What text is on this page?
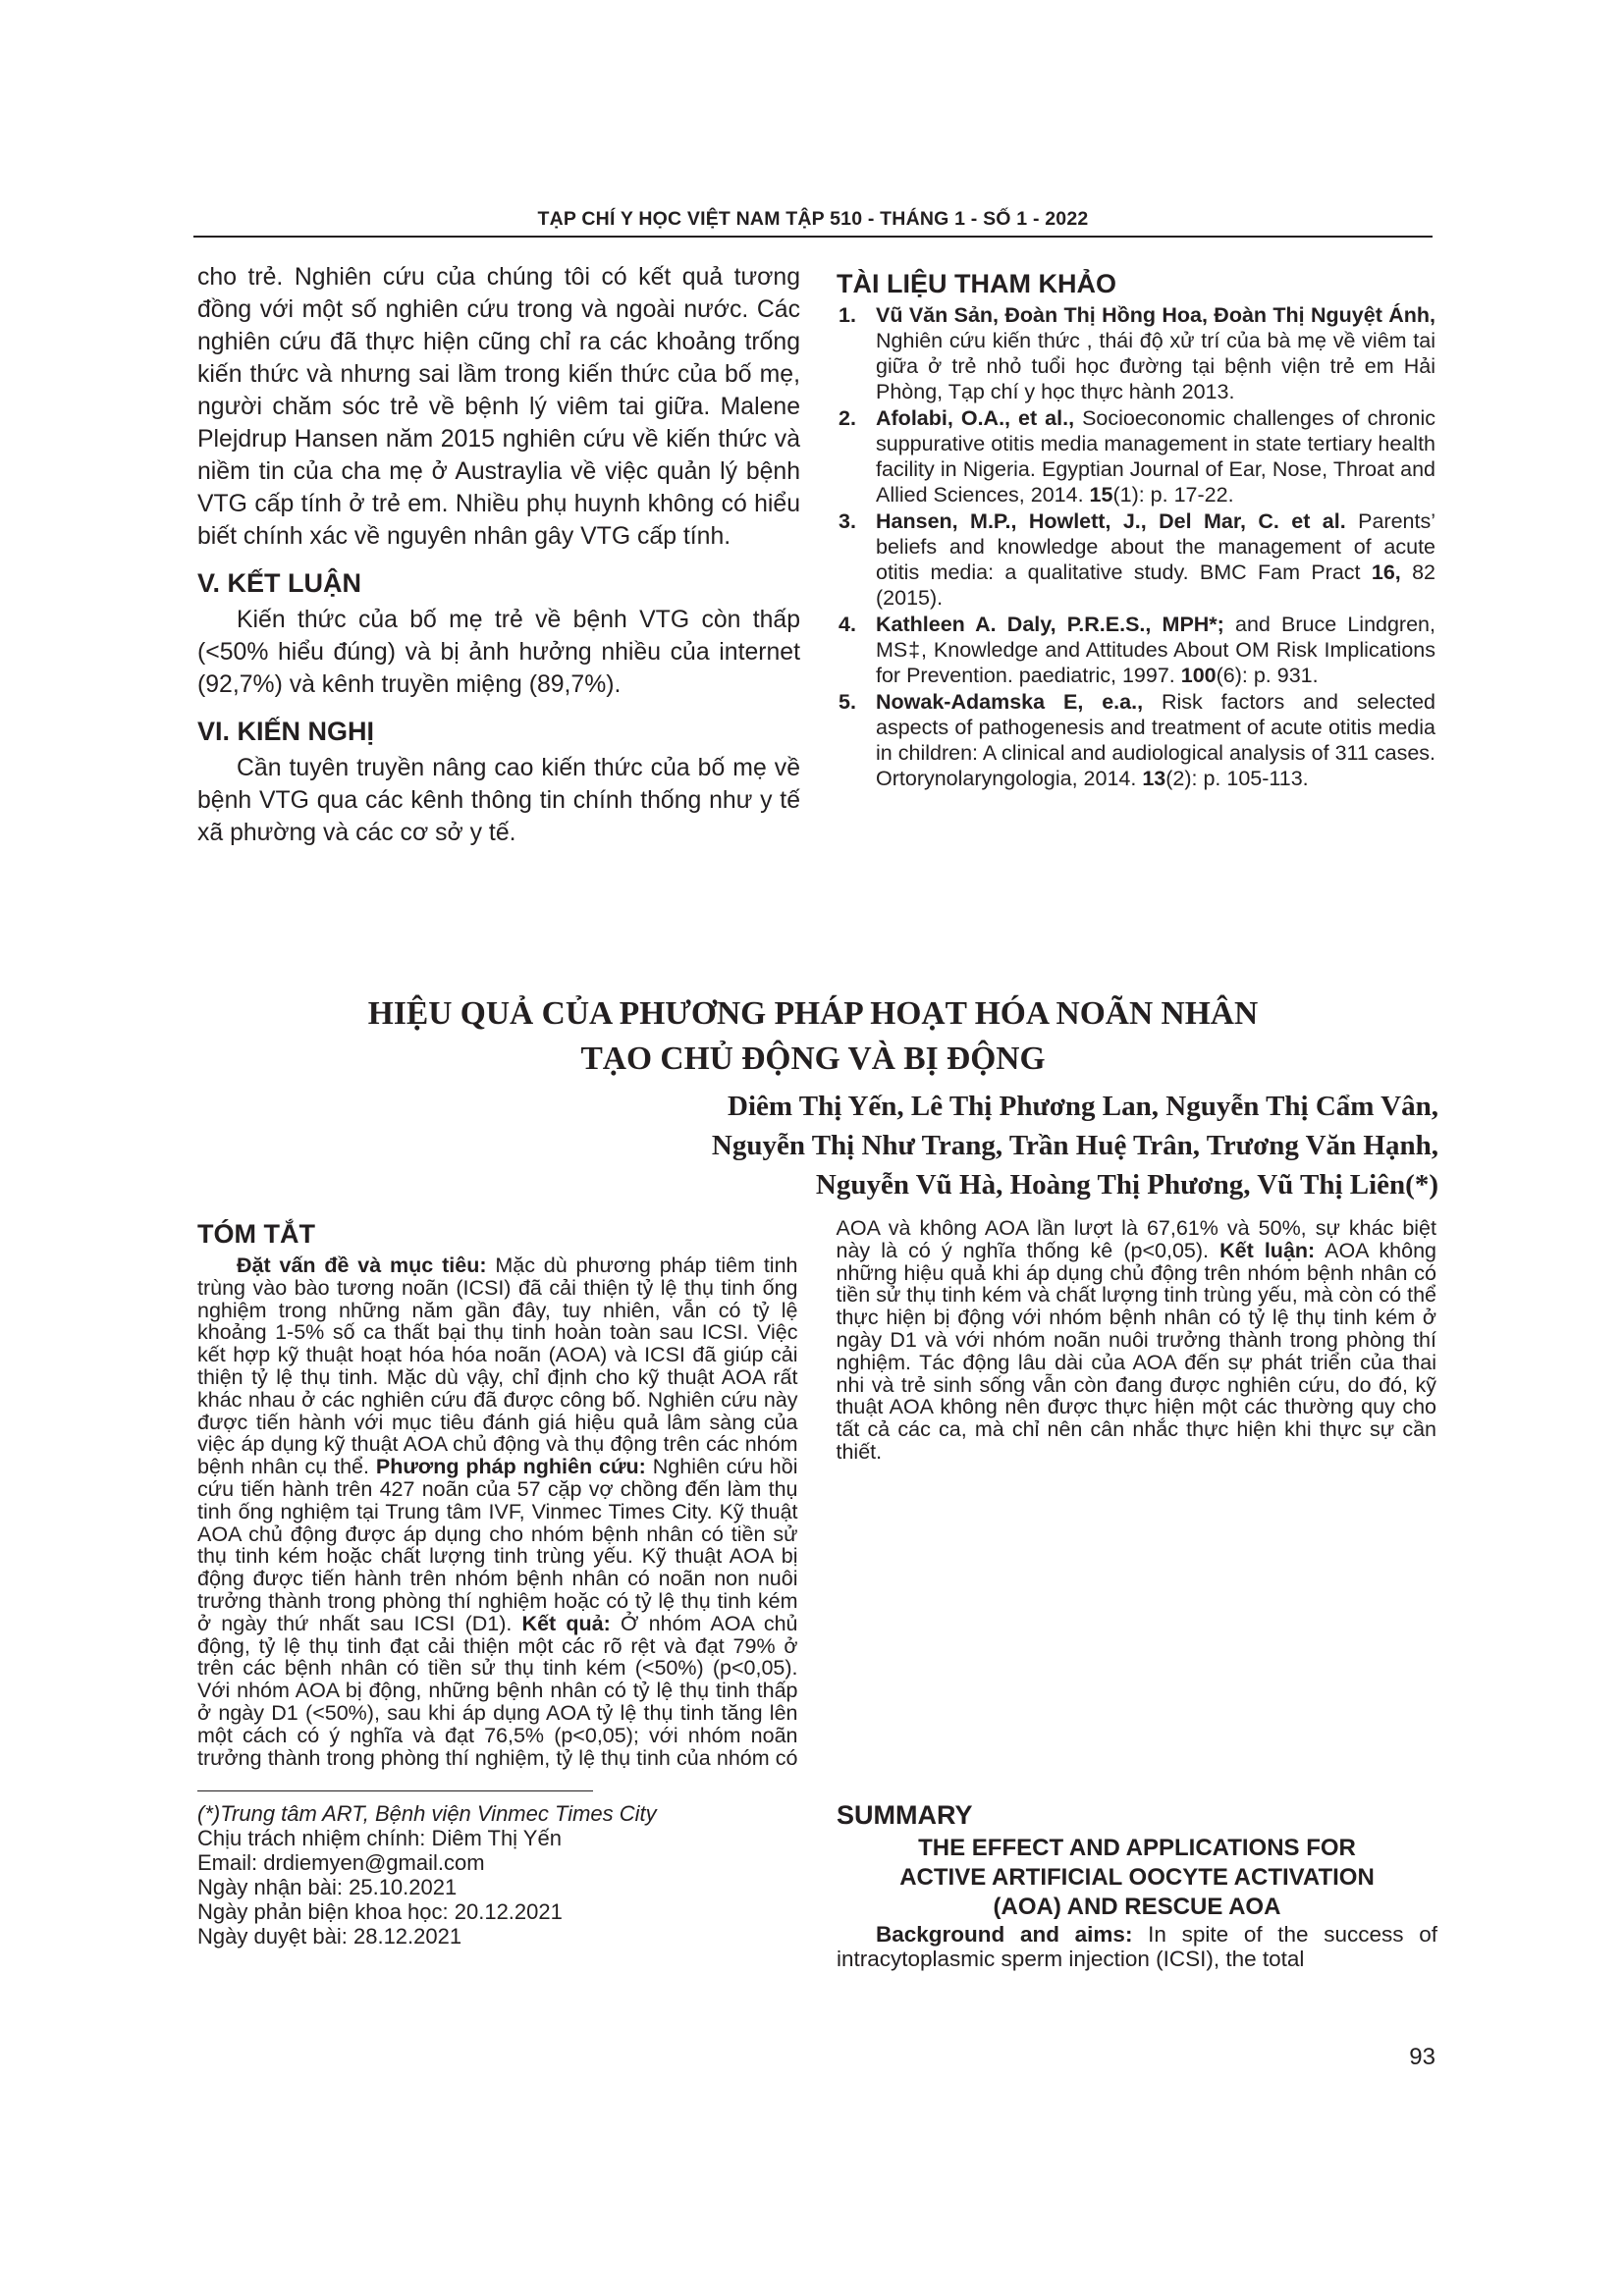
TẠP CHÍ Y HỌC VIỆT NAM TẬP 510 - THÁNG 1 - SỐ 1 - 2022
cho trẻ. Nghiên cứu của chúng tôi có kết quả tương đồng với một số nghiên cứu trong và ngoài nước. Các nghiên cứu đã thực hiện cũng chỉ ra các khoảng trống kiến thức và nhưng sai lầm trong kiến thức của bố mẹ, người chăm sóc trẻ về bệnh lý viêm tai giữa. Malene Plejdrup Hansen năm 2015 nghiên cứu về kiến thức và niềm tin của cha mẹ ở Austraylia về việc quản lý bệnh VTG cấp tính ở trẻ em. Nhiều phụ huynh không có hiểu biết chính xác về nguyên nhân gây VTG cấp tính.
V. KẾT LUẬN
Kiến thức của bố mẹ trẻ về bệnh VTG còn thấp (<50% hiểu đúng) và bị ảnh hưởng nhiều của internet (92,7%) và kênh truyền miệng (89,7%).
VI. KIẾN NGHỊ
Cần tuyên truyền nâng cao kiến thức của bố mẹ về bệnh VTG qua các kênh thông tin chính thống như y tế xã phường và các cơ sở y tế.
TÀI LIỆU THAM KHẢO
1. Vũ Văn Sản, Đoàn Thị Hồng Hoa, Đoàn Thị Nguyệt Ánh, Nghiên cứu kiến thức , thái độ xử trí của bà mẹ về viêm tai giữa ở trẻ nhỏ tuổi học đường tại bệnh viện trẻ em Hải Phòng, Tạp chí y học thực hành 2013.
2. Afolabi, O.A., et al., Socioeconomic challenges of chronic suppurative otitis media management in state tertiary health facility in Nigeria. Egyptian Journal of Ear, Nose, Throat and Allied Sciences, 2014. 15(1): p. 17-22.
3. Hansen, M.P., Howlett, J., Del Mar, C. et al. Parents’ beliefs and knowledge about the management of acute otitis media: a qualitative study. BMC Fam Pract 16, 82 (2015).
4. Kathleen A. Daly, P.R.E.S., MPH*; and Bruce Lindgren, MS‡, Knowledge and Attitudes About OM Risk Implications for Prevention. paediatric, 1997. 100(6): p. 931.
5. Nowak-Adamska E, e.a., Risk factors and selected aspects of pathogenesis and treatment of acute otitis media in children: A clinical and audiological analysis of 311 cases. Ortorynolaryngologia, 2014. 13(2): p. 105-113.
HIỆU QUẢ CỦA PHƯƠNG PHÁP HOẠT HÓA NOÃN NHÂN
TẠO CHỦ ĐỘNG VÀ BỊ ĐỘNG
Diêm Thị Yến, Lê Thị Phương Lan, Nguyễn Thị Cẩm Vân,
Nguyễn Thị Như Trang, Trần Huệ Trân, Trương Văn Hạnh,
Nguyễn Vũ Hà, Hoàng Thị Phương, Vũ Thị Liên(*)
TÓM TẮT
Đặt vấn đề và mục tiêu: Mặc dù phương pháp tiêm tinh trùng vào bào tương noãn (ICSI) đã cải thiện tỷ lệ thụ tinh ống nghiệm trong những năm gần đây, tuy nhiên, vẫn có tỷ lệ khoảng 1-5% số ca thất bại thụ tinh hoàn toàn sau ICSI. Việc kết hợp kỹ thuật hoạt hóa hóa noãn (AOA) và ICSI đã giúp cải thiện tỷ lệ thụ tinh. Mặc dù vậy, chỉ định cho kỹ thuật AOA rất khác nhau ở các nghiên cứu đã được công bố. Nghiên cứu này được tiến hành với mục tiêu đánh giá hiệu quả lâm sàng của việc áp dụng kỹ thuật AOA chủ động và thụ động trên các nhóm bệnh nhân cụ thể. Phương pháp nghiên cứu: Nghiên cứu hồi cứu tiến hành trên 427 noãn của 57 cặp vợ chồng đến làm thụ tinh ống nghiệm tại Trung tâm IVF, Vinmec Times City. Kỹ thuật AOA chủ động được áp dụng cho nhóm bệnh nhân có tiền sử thụ tinh kém hoặc chất lượng tinh trùng yếu. Kỹ thuật AOA bị động được tiến hành trên nhóm bệnh nhân có noãn non nuôi trưởng thành trong phòng thí nghiệm hoặc có tỷ lệ thụ tinh kém ở ngày thứ nhất sau ICSI (D1). Kết quả: Ở nhóm AOA chủ động, tỷ lệ thụ tinh đạt cải thiện một các rõ rệt và đạt 79% ở trên các bệnh nhân có tiền sử thụ tinh kém (<50%) (p<0,05). Với nhóm AOA bị động, những bệnh nhân có tỷ lệ thụ tinh thấp ở ngày D1 (<50%), sau khi áp dụng AOA tỷ lệ thụ tinh tăng lên một cách có ý nghĩa và đạt 76,5% (p<0,05); với nhóm noãn trưởng thành trong phòng thí nghiệm, tỷ lệ thụ tinh của nhóm có AOA và không AOA lần lượt là 67,61% và 50%, sự khác biệt này là có ý nghĩa thống kê (p<0,05). Kết luận: AOA không những hiệu quả khi áp dụng chủ động trên nhóm bệnh nhân có tiền sử thụ tinh kém và chất lượng tinh trùng yếu, mà còn có thể thực hiện bị động với nhóm bệnh nhân có tỷ lệ thụ tinh kém ở ngày D1 và với nhóm noãn nuôi trưởng thành trong phòng thí nghiệm. Tác động lâu dài của AOA đến sự phát triển của thai nhi và trẻ sinh sống vẫn còn đang được nghiên cứu, do đó, kỹ thuật AOA không nên được thực hiện một các thường quy cho tất cả các ca, mà chỉ nên cân nhắc thực hiện khi thực sự cần thiết.
SUMMARY
THE EFFECT AND APPLICATIONS FOR
ACTIVE ARTIFICIAL OOCYTE ACTIVATION
(AOA) AND RESCUE AOA
Background and aims: In spite of the success of intracytoplasmic sperm injection (ICSI), the total
(*)Trung tâm ART, Bệnh viện Vinmec Times City
Chịu trách nhiệm chính: Diêm Thị Yến
Email: drdiemyen@gmail.com
Ngày nhận bài: 25.10.2021
Ngày phản biện khoa học: 20.12.2021
Ngày duyệt bài: 28.12.2021
93
